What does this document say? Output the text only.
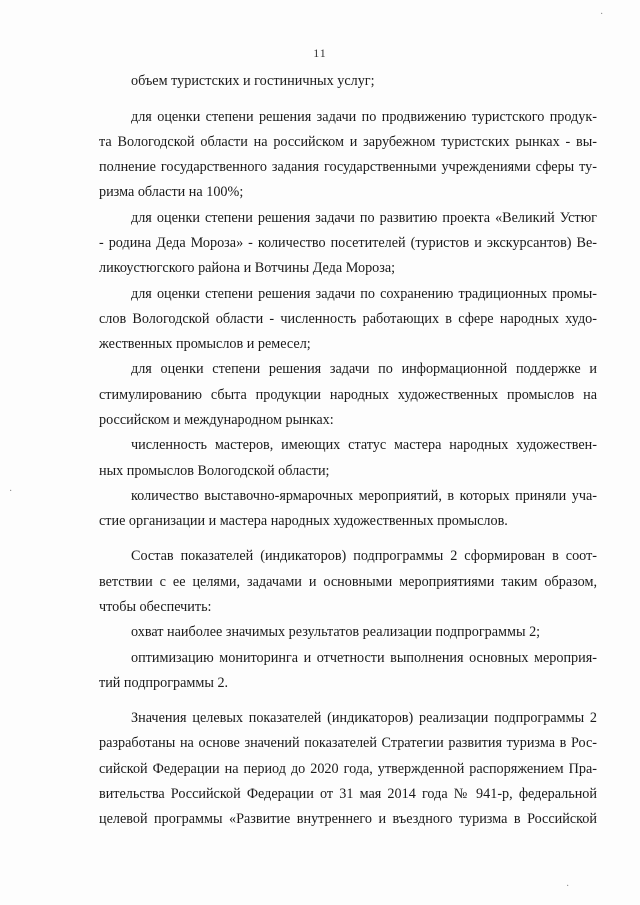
11
объем туристских и гостиничных услуг;
для оценки степени решения задачи по продвижению туристского продук-
та Вологодской области на российском и зарубежном туристских рынках - вы-
полнение государственного задания государственными учреждениями сферы ту-
ризма области на 100%;
для оценки степени решения задачи по развитию проекта «Великий Устюг
- родина Деда Мороза» - количество посетителей (туристов и экскурсантов) Ве-
ликоустюгского района и Вотчины Деда Мороза;
для оценки степени решения задачи по сохранению традиционных промы-
слов Вологодской области - численность работающих в сфере народных худо-
жественных промыслов и ремесел;
для оценки степени решения задачи по информационной поддержке и
стимулированию сбыта продукции народных художественных промыслов на
российском и международном рынках:
численность мастеров, имеющих статус мастера народных художествен-
ных промыслов Вологодской области;
количество выставочно-ярмарочных мероприятий, в которых приняли уча-
стие организации и мастера народных художественных промыслов.
Состав показателей (индикаторов) подпрограммы 2 сформирован в соот-
ветствии с ее целями, задачами и основными мероприятиями таким образом,
чтобы обеспечить:
охват наиболее значимых результатов реализации подпрограммы 2;
оптимизацию мониторинга и отчетности выполнения основных мероприя-
тий подпрограммы 2.
Значения целевых показателей (индикаторов) реализации подпрограммы 2
разработаны на основе значений показателей Стратегии развития туризма в Рос-
сийской Федерации на период до 2020 года, утвержденной распоряжением Пра-
вительства Российской Федерации от 31 мая 2014 года № 941-р, федеральной
целевой программы «Развитие внутреннего и въездного туризма в Российской
·
·
·
